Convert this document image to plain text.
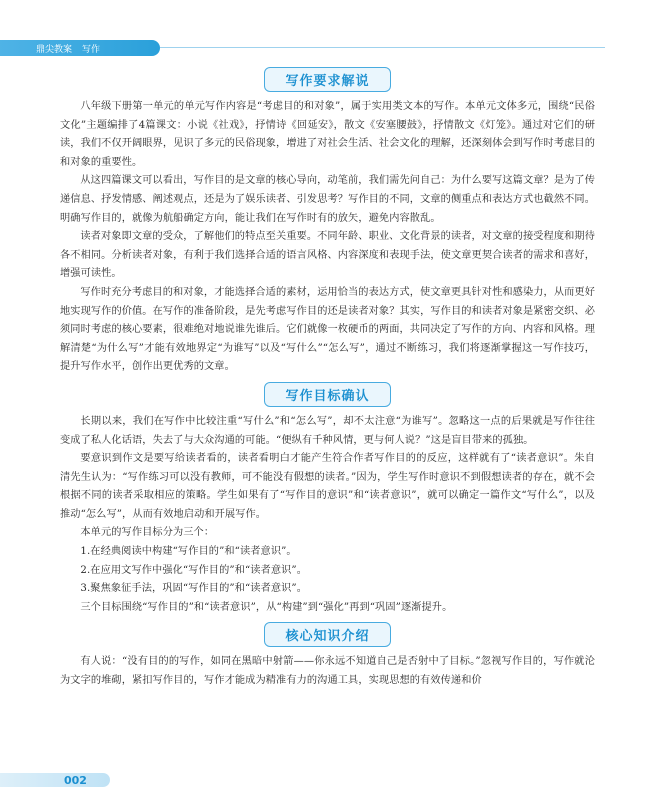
鼎尖教案 写作
写作要求解说

八年级下册第一单元的单元写作内容是“考虑目的和对象”，属于实用类文本的写作。本单元文体多元，围绕“民俗文化”主题编排了4篇课文：小说《社戏》，抒情诗《回延安》，散文《安塞腰鼓》，抒情散文《灯笼》。通过对它们的研读，我们不仅开阔眼界，见识了多元的民俗现象，增进了对社会生活、社会文化的理解，还深刻体会到写作时考虑目的和对象的重要性。

从这四篇课文可以看出，写作目的是文章的核心导向，动笔前，我们需先问自己：为什么要写这篇文章？是为了传递信息、抒发情感、阐述观点，还是为了娱乐读者、引发思考？写作目的不同，文章的侧重点和表达方式也截然不同。明确写作目的，就像为航船确定方向，能让我们在写作时有的放矢，避免内容散乱。

读者对象即文章的受众，了解他们的特点至关重要。不同年龄、职业、文化背景的读者，对文章的接受程度和期待各不相同。分析读者对象，有利于我们选择合适的语言风格、内容深度和表现手法，使文章更契合读者的需求和喜好，增强可读性。

写作时充分考虑目的和对象，才能选择合适的素材，运用恰当的表达方式，使文章更具针对性和感染力，从而更好地实现写作的价值。在写作的准备阶段，是先考虑写作目的还是读者对象？其实，写作目的和读者对象是紧密交织、必须同时考虑的核心要素，很难绝对地说谁先谁后。它们就像一枚硬币的两面，共同决定了写作的方向、内容和风格。理解清楚“为什么写”才能有效地界定“为谁写”以及“写什么”“怎么写”，通过不断练习，我们将逐渐掌握这一写作技巧，提升写作水平，创作出更优秀的文章。

写作目标确认

长期以来，我们在写作中比较注重“写什么”和“怎么写”，却不太注意“为谁写”。忽略这一点的后果就是写作往往变成了私人化话语，失去了与大众沟通的可能。“便纵有千种风情，更与何人说？”这是盲目带来的孤独。

要意识到作文是要写给读者看的，读者看明白才能产生符合作者写作目的的反应，这样就有了“读者意识”。朱自清先生认为：“写作练习可以没有教师，可不能没有假想的读者。”因为，学生写作时意识不到假想读者的存在，就不会根据不同的读者采取相应的策略。学生如果有了“写作目的意识”和“读者意识”，就可以确定一篇作文“写什么”，以及推动“怎么写”，从而有效地启动和开展写作。

本单元的写作目标分为三个：

1.在经典阅读中构建“写作目的”和“读者意识”。

2.在应用文写作中强化“写作目的”和“读者意识”。

3.聚焦象征手法，巩固“写作目的”和“读者意识”。

三个目标围绕“写作目的”和“读者意识”，从“构建”到“强化”再到“巩固”逐渐提升。

核心知识介绍

有人说：“没有目的的写作，如同在黑暗中射箭——你永远不知道自己是否射中了目标。”忽视写作目的，写作就沦为文字的堆砌，紧扣写作目的，写作才能成为精准有力的沟通工具，实现思想的有效传递和价

002
